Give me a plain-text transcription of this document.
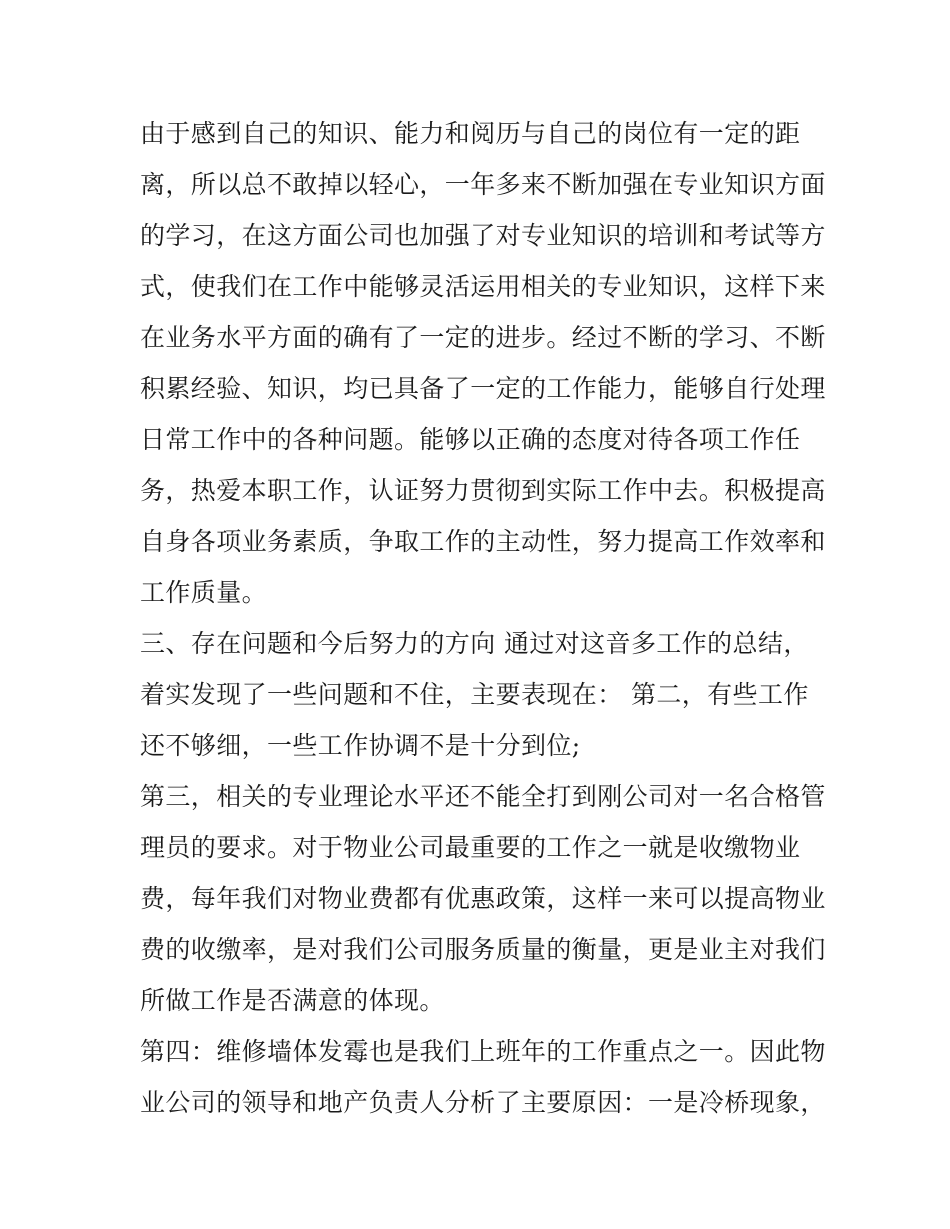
由于感到自己的知识、能力和阅历与自己的岗位有一定的距
离，所以总不敢掉以轻心，一年多来不断加强在专业知识方面
的学习，在这方面公司也加强了对专业知识的培训和考试等方
式，使我们在工作中能够灵活运用相关的专业知识，这样下来
在业务水平方面的确有了一定的进步。经过不断的学习、不断
积累经验、知识，均已具备了一定的工作能力，能够自行处理
日常工作中的各种问题。能够以正确的态度对待各项工作任
务，热爱本职工作，认证努力贯彻到实际工作中去。积极提高
自身各项业务素质，争取工作的主动性，努力提高工作效率和
工作质量。
三、存在问题和今后努力的方向 通过对这音多工作的总结，
着实发现了一些问题和不住，主要表现在： 第二，有些工作
还不够细，一些工作协调不是十分到位;
第三，相关的专业理论水平还不能全打到刚公司对一名合格管
理员的要求。对于物业公司最重要的工作之一就是收缴物业
费，每年我们对物业费都有优惠政策，这样一来可以提高物业
费的收缴率，是对我们公司服务质量的衡量，更是业主对我们
所做工作是否满意的体现。
第四：维修墙体发霉也是我们上班年的工作重点之一。因此物
业公司的领导和地产负责人分析了主要原因：一是冷桥现象，
